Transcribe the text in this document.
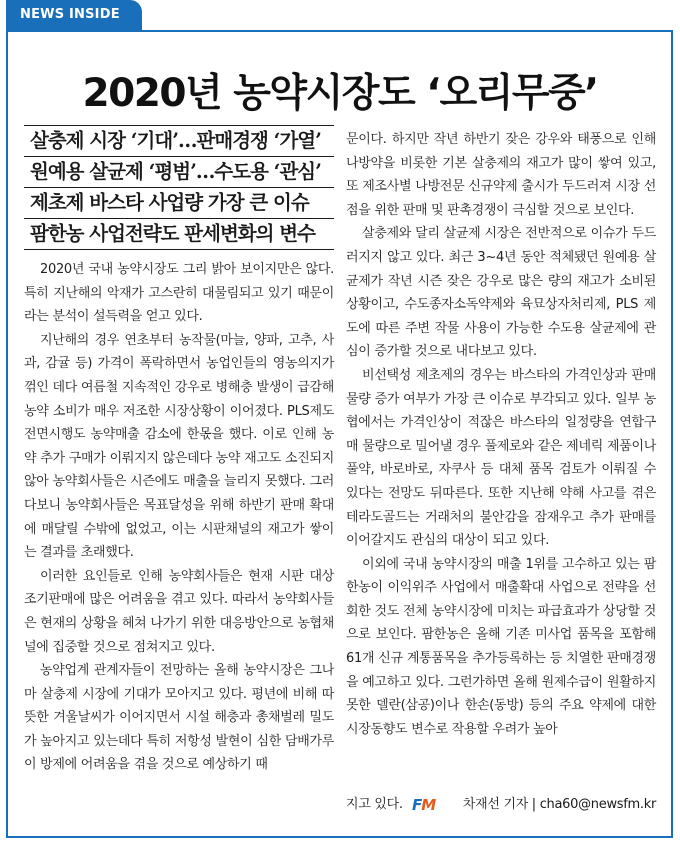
NEWS INSIDE
2020년 농약시장도 ‘오리무중’
살충제 시장 ‘기대’…판매경쟁 ‘가열’
원예용 살균제 ‘평범’…수도용 ‘관심’
제초제 바스타 사업량 가장 큰 이슈
팜한농 사업전략도 판세변화의 변수

2020년 국내 농약시장도 그리 밝아 보이지만은 않다. 특히 지난해의 악재가 고스란히 대물림되고 있기 때문이라는 분석이 설득력을 얻고 있다.

지난해의 경우 연초부터 농작물(마늘, 양파, 고추, 사과, 감귤 등) 가격이 폭락하면서 농업인들의 영농의지가 꺾인 데다 여름철 지속적인 강우로 병해충 발생이 급감해 농약 소비가 매우 저조한 시장상황이 이어졌다. PLS제도 전면시행도 농약매출 감소에 한몫을 했다. 이로 인해 농약 추가 구매가 이뤄지지 않은데다 농약 재고도 소진되지 않아 농약회사들은 시즌에도 매출을 늘리지 못했다. 그러다보니 농약회사들은 목표달성을 위해 하반기 판매 확대에 매달릴 수밖에 없었고, 이는 시판채널의 재고가 쌓이는 결과를 초래했다.

이러한 요인들로 인해 농약회사들은 현재 시판 대상 조기판매에 많은 어려움을 겪고 있다. 따라서 농약회사들은 현재의 상황을 헤쳐 나가기 위한 대응방안으로 농협채널에 집중할 것으로 점쳐지고 있다.

농약업계 관계자들이 전망하는 올해 농약시장은 그나마 살충제 시장에 기대가 모아지고 있다. 평년에 비해 따뜻한 겨울날씨가 이어지면서 시설 해충과 총채벌레 밀도가 높아지고 있는데다 특히 저항성 발현이 심한 담배가루이 방제에 어려움을 겪을 것으로 예상하기 때

문이다. 하지만 작년 하반기 잦은 강우와 태풍으로 인해 나방약을 비롯한 기본 살충제의 재고가 많이 쌓여 있고, 또 제조사별 나방전문 신규약제 출시가 두드러져 시장 선점을 위한 판매 및 판촉경쟁이 극심할 것으로 보인다.

살충제와 달리 살균제 시장은 전반적으로 이슈가 두드러지지 않고 있다. 최근 3~4년 동안 적체됐던 원예용 살균제가 작년 시즌 잦은 강우로 많은 량의 재고가 소비된 상황이고, 수도종자소독약제와 육묘상자처리제, PLS 제도에 따른 주변 작물 사용이 가능한 수도용 살균제에 관심이 증가할 것으로 내다보고 있다.

비선택성 제초제의 경우는 바스타의 가격인상과 판매물량 증가 여부가 가장 큰 이슈로 부각되고 있다. 일부 농협에서는 가격인상이 적잖은 바스타의 일정량을 연합구매 물량으로 밀어낼 경우 풀제로와 같은 제네릭 제품이나 풀약, 바로바로, 자쿠사 등 대체 품목 검토가 이뤄질 수 있다는 전망도 뒤따른다. 또한 지난해 약해 사고를 겪은 테라도골드는 거래처의 불안감을 잠재우고 추가 판매를 이어갈지도 관심의 대상이 되고 있다.

이외에 국내 농약시장의 매출 1위를 고수하고 있는 팜한농이 이익위주 사업에서 매출확대 사업으로 전략을 선회한 것도 전체 농약시장에 미치는 파급효과가 상당할 것으로 보인다. 팜한농은 올해 기존 미사업 품목을 포함해 61개 신규 계통품목을 추가등록하는 등 치열한 판매경쟁을 예고하고 있다. 그런가하면 올해 원제수급이 원활하지 못한 델란(삼공)이나 한손(동방) 등의 주요 약제에 대한 시장동향도 변수로 작용할 우려가 높아

지고 있다. FM 차재선 기자 | cha60@newsfm.kr
